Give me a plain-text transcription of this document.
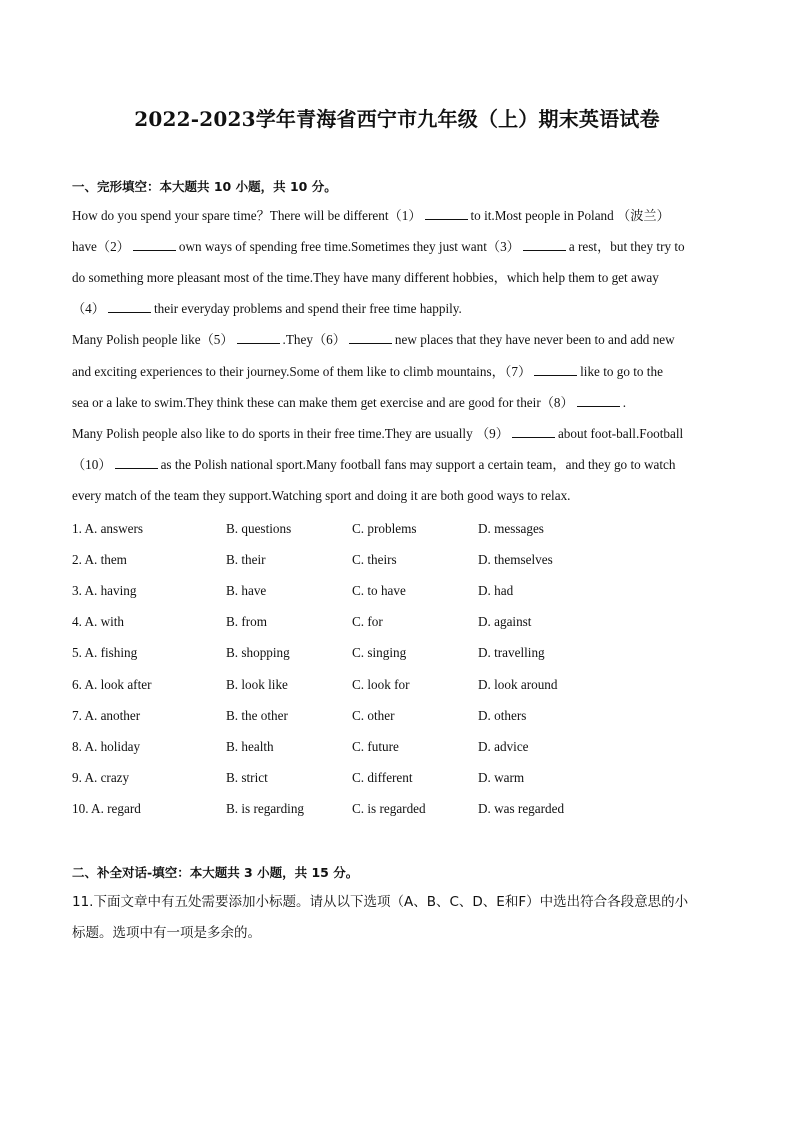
2022-2023学年青海省西宁市九年级（上）期末英语试卷
一、完形填空：本大题共 10 小题，共 10 分。
How do you spend your spare time？There will be different（1）	to it.Most people in Poland （波兰）
have（2）	own ways of spending free time.Sometimes they just want（3）	a rest，but they try to
do something more pleasant most of the time.They have many different hobbies，which help them to get away
（4）	their everyday problems and spend their free time happily.
Many Polish people like（5）	.They（6）	new places that they have never been to and add new
and exciting experiences to their journey.Some of them like to climb mountains，（7）	like to go to the
sea or a lake to swim.They think these can make them get exercise and are good for their（8）	.
Many Polish people also like to do sports in their free time.They are usually （9）	about foot-ball.Football
（10）	as the Polish national sport.Many football fans may support a certain team，and they go to watch
every match of the team they support.Watching sport and doing it are both good ways to relax.
1. A. answers	B. questions	C. problems	D. messages
2. A. them	B. their	C. theirs	D. themselves
3. A. having	B. have	C. to have	D. had
4. A. with	B. from	C. for	D. against
5. A. fishing	B. shopping	C. singing	D. travelling
6. A. look after	B. look like	C. look for	D. look around
7. A. another	B. the other	C. other	D. others
8. A. holiday	B. health	C. future	D. advice
9. A. crazy	B. strict	C. different	D. warm
10. A. regard	B. is regarding	C. is regarded	D. was regarded
二、补全对话-填空：本大题共 3 小题，共 15 分。
11.下面文章中有五处需要添加小标题。请从以下选项（A、B、C、D、E和F）中选出符合各段意思的小
标题。选项中有一项是多余的。
